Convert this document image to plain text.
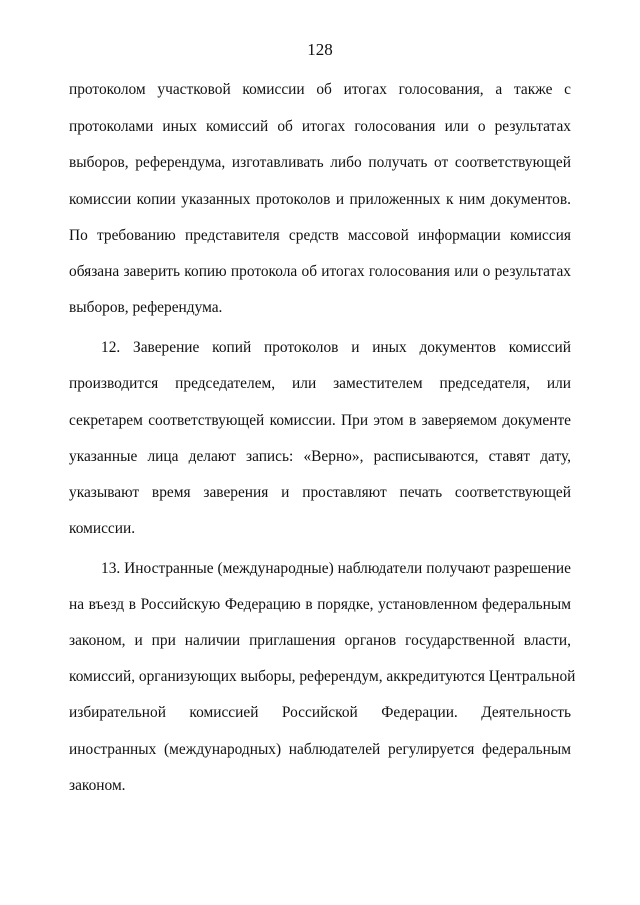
128
протоколом участковой комиссии об итогах голосования, а также с
протоколами иных комиссий об итогах голосования или о результатах
выборов, референдума, изготавливать либо получать от соответствующей
комиссии копии указанных протоколов и приложенных к ним документов.
По требованию представителя средств массовой информации комиссия
обязана заверить копию протокола об итогах голосования или о результатах
выборов, референдума.
12. Заверение копий протоколов и иных документов комиссий
производится председателем, или заместителем председателя, или
секретарем соответствующей комиссии. При этом в заверяемом документе
указанные лица делают запись: «Верно», расписываются, ставят дату,
указывают время заверения и проставляют печать соответствующей
комиссии.
13. Иностранные (международные) наблюдатели получают разрешение
на въезд в Российскую Федерацию в порядке, установленном федеральным
законом, и при наличии приглашения органов государственной власти,
комиссий, организующих выборы, референдум, аккредитуются Центральной
избирательной комиссией Российской Федерации. Деятельность
иностранных (международных) наблюдателей регулируется федеральным
законом.
